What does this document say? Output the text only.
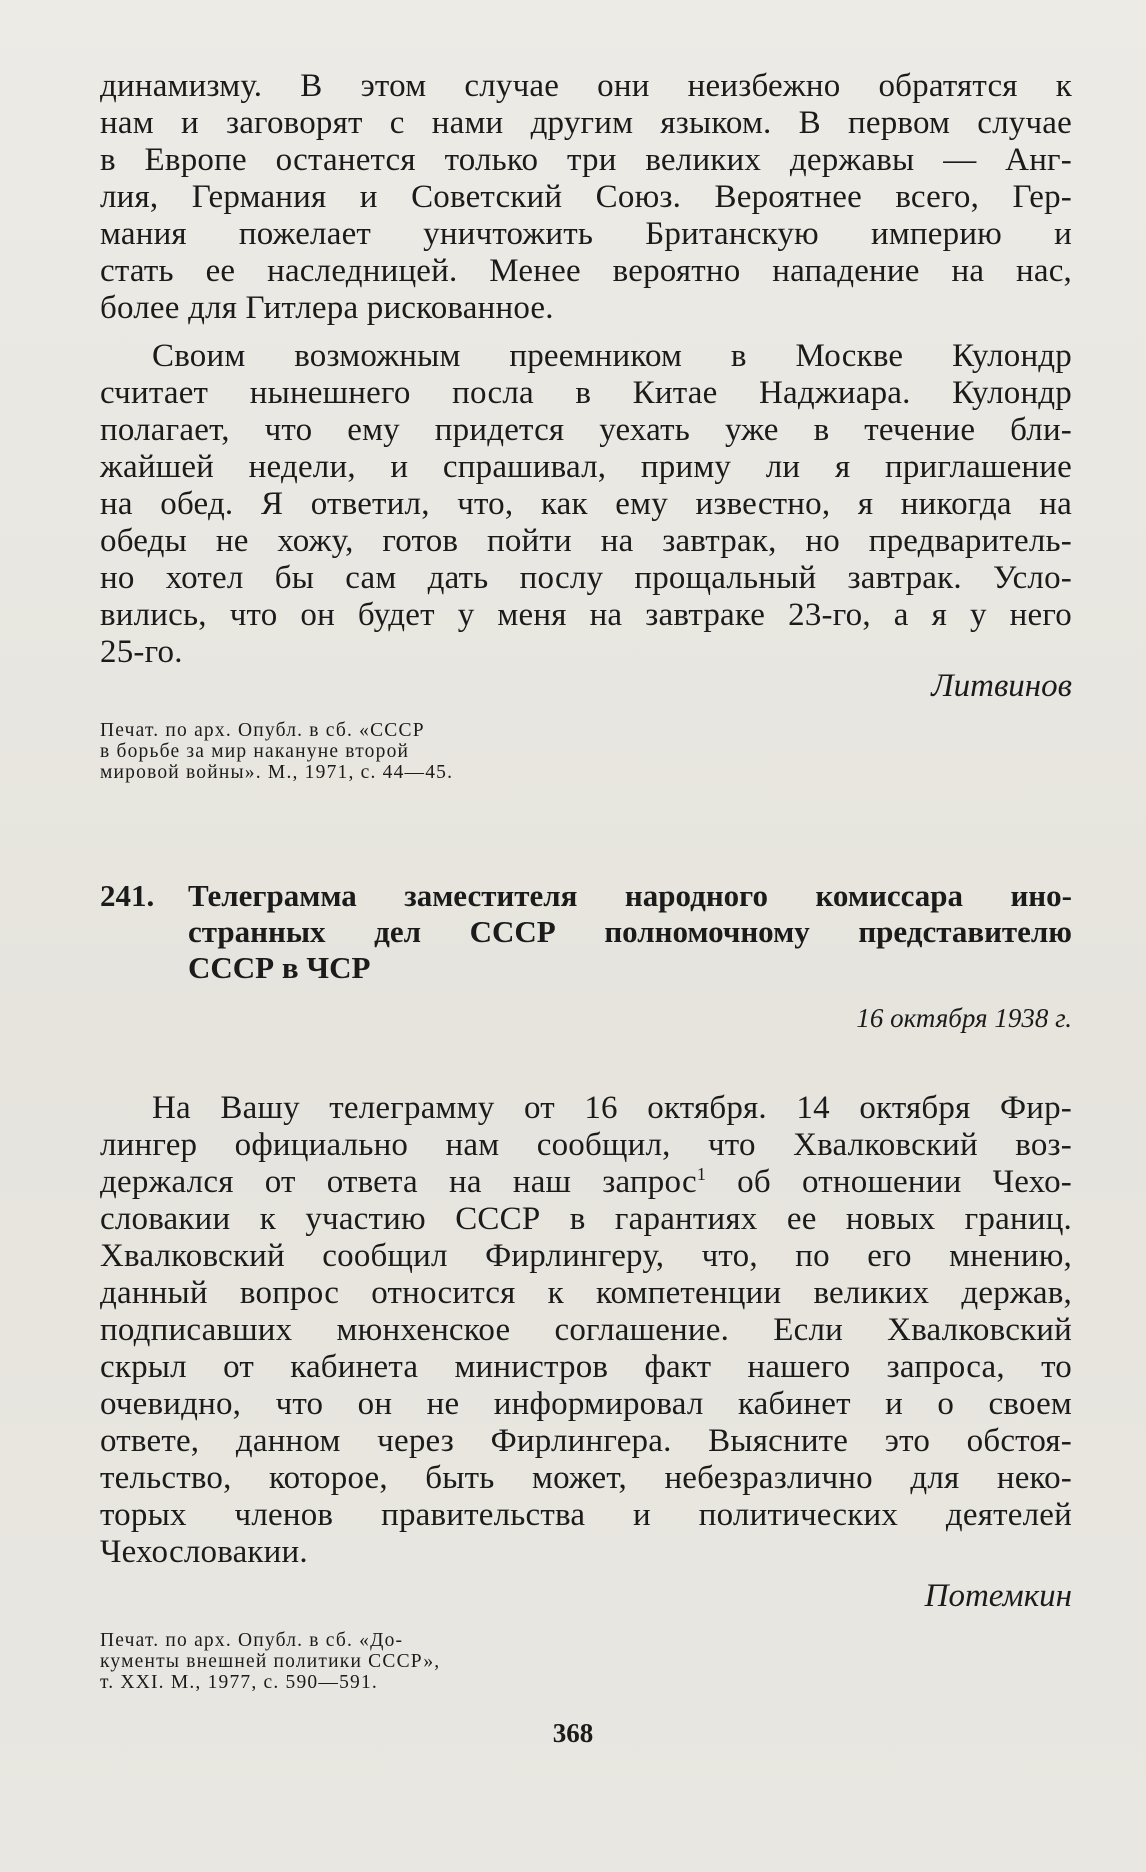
динамизму. В этом случае они неизбежно обратятся к
нам и заговорят с нами другим языком. В первом случае
в Европе останется только три великих державы — Анг-
лия, Германия и Советский Союз. Вероятнее всего, Гер-
мания пожелает уничтожить Британскую империю и
стать ее наследницей. Менее вероятно нападение на нас,
более для Гитлера рискованное.
Своим возможным преемником в Москве Кулондр
считает нынешнего посла в Китае Наджиара. Кулондр
полагает, что ему придется уехать уже в течение бли-
жайшей недели, и спрашивал, приму ли я приглашение
на обед. Я ответил, что, как ему известно, я никогда на
обеды не хожу, готов пойти на завтрак, но предваритель-
но хотел бы сам дать послу прощальный завтрак. Усло-
вились, что он будет у меня на завтраке 23-го, а я у него
25-го.
Литвинов
Печат. по арх. Опубл. в сб. «СССР
в борьбе за мир накануне второй
мировой войны». М., 1971, с. 44—45.
241.	Телеграмма заместителя народного комиссара ино-
странных дел СССР полномочному представителю
СССР в ЧСР
16 октября 1938 г.
На Вашу телеграмму от 16 октября. 14 октября Фир-
лингер официально нам сообщил, что Хвалковский воз-
держался от ответа на наш запрос$^1$ об отношении Чехо-
словакии к участию СССР в гарантиях ее новых границ.
Хвалковский сообщил Фирлингеру, что, по его мнению,
данный вопрос относится к компетенции великих держав,
подписавших мюнхенское соглашение. Если Хвалковский
скрыл от кабинета министров факт нашего запроса, то
очевидно, что он не информировал кабинет и о своем
ответе, данном через Фирлингера. Выясните это обстоя-
тельство, которое, быть может, небезразлично для неко-
торых членов правительства и политических деятелей
Чехословакии.
Потемкин
Печат. по арх. Опубл. в сб. «До-
кументы внешней политики СССР»,
т. XXI. М., 1977, с. 590—591.
368
